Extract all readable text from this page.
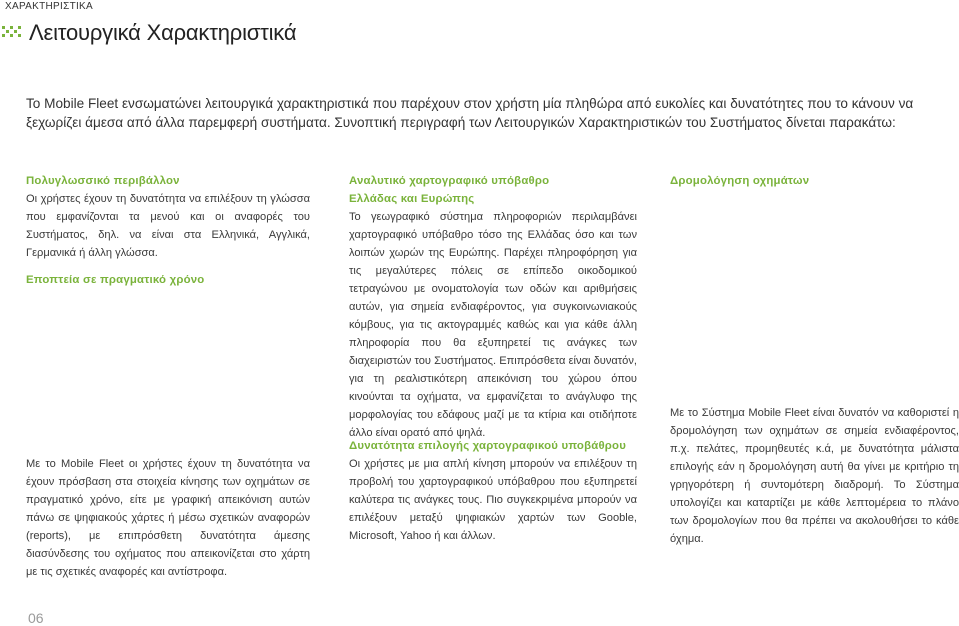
ΧΑΡΑΚΤΗΡΙΣΤΙΚΑ
Λειτουργικά Χαρακτηριστικά

Το Mobile Fleet ενσωματώνει λειτουργικά χαρακτηριστικά που παρέχουν στον χρήστη μία πληθώρα από ευκολίες και δυνατότητες που το κάνουν να ξεχωρίζει άμεσα από άλλα παρεμφερή συστήματα. Συνοπτική περιγραφή των Λειτουργικών Χαρακτηριστικών του Συστήματος δίνεται παρακάτω:

Πολυγλωσσικό περιβάλλον

Οι χρήστες έχουν τη δυνατότητα να επιλέξουν τη γλώσσα που εμφανίζονται τα μενού και οι αναφορές του Συστήματος, δηλ. να είναι στα Ελληνικά, Αγγλικά, Γερμανικά ή άλλη γλώσσα.

Εποπτεία σε πραγματικό χρόνο

Με το Mobile Fleet οι χρήστες έχουν τη δυνατότητα να έχουν πρόσβαση στα στοιχεία κίνησης των οχημάτων σε πραγματικό χρόνο, είτε με γραφική απεικόνιση αυτών πάνω σε ψηφιακούς χάρτες ή μέσω σχετικών αναφορών (reports), με επιπρόσθετη δυνατότητα άμεσης διασύνδεσης του οχήματος που απεικονίζεται στο χάρτη με τις σχετικές αναφορές και αντίστροφα.

Αναλυτικό χαρτογραφικό υπόβαθρο Ελλάδας και Ευρώπης

Το γεωγραφικό σύστημα πληροφοριών περιλαμβάνει χαρτογραφικό υπόβαθρο τόσο της Ελλάδας όσο και των λοιπών χωρών της Ευρώπης. Παρέχει πληροφόρηση για τις μεγαλύτερες πόλεις σε επίπεδο οικοδομικού τετραγώνου με ονοματολογία των οδών και αριθμήσεις αυτών, για σημεία ενδιαφέροντος, για συγκοινωνιακούς κόμβους, για τις ακτογραμμές καθώς και για κάθε άλλη πληροφορία που θα εξυπηρετεί τις ανάγκες των διαχειριστών του Συστήματος. Επιπρόσθετα είναι δυνατόν, για τη ρεαλιστικότερη απεικόνιση του χώρου όπου κινούνται τα οχήματα, να εμφανίζεται το ανάγλυφο της μορφολογίας του εδάφους μαζί με τα κτίρια και οτιδήποτε άλλο είναι ορατό από ψηλά.

Δυνατότητα επιλογής χαρτογραφικού υποβάθρου

Οι χρήστες με μια απλή κίνηση μπορούν να επιλέξουν τη προβολή του χαρτογραφικού υπόβαθρου που εξυπηρετεί καλύτερα τις ανάγκες τους. Πιο συγκεκριμένα μπορούν να επιλέξουν μεταξύ ψηφιακών χαρτών των Gooble, Microsoft, Yahoo ή και άλλων.

Δρομολόγηση οχημάτων

Με το Σύστημα Mobile Fleet είναι δυνατόν να καθοριστεί η δρομολόγηση των οχημάτων σε σημεία ενδιαφέροντος, π.χ. πελάτες, προμηθευτές κ.ά, με δυνατότητα μάλιστα επιλογής εάν η δρομολόγηση αυτή θα γίνει με κριτήριο τη γρηγορότερη ή συντομότερη διαδρομή. Το Σύστημα υπολογίζει και καταρτίζει με κάθε λεπτομέρεια το πλάνο των δρομολογίων που θα πρέπει να ακολουθήσει το κάθε όχημα.

06
